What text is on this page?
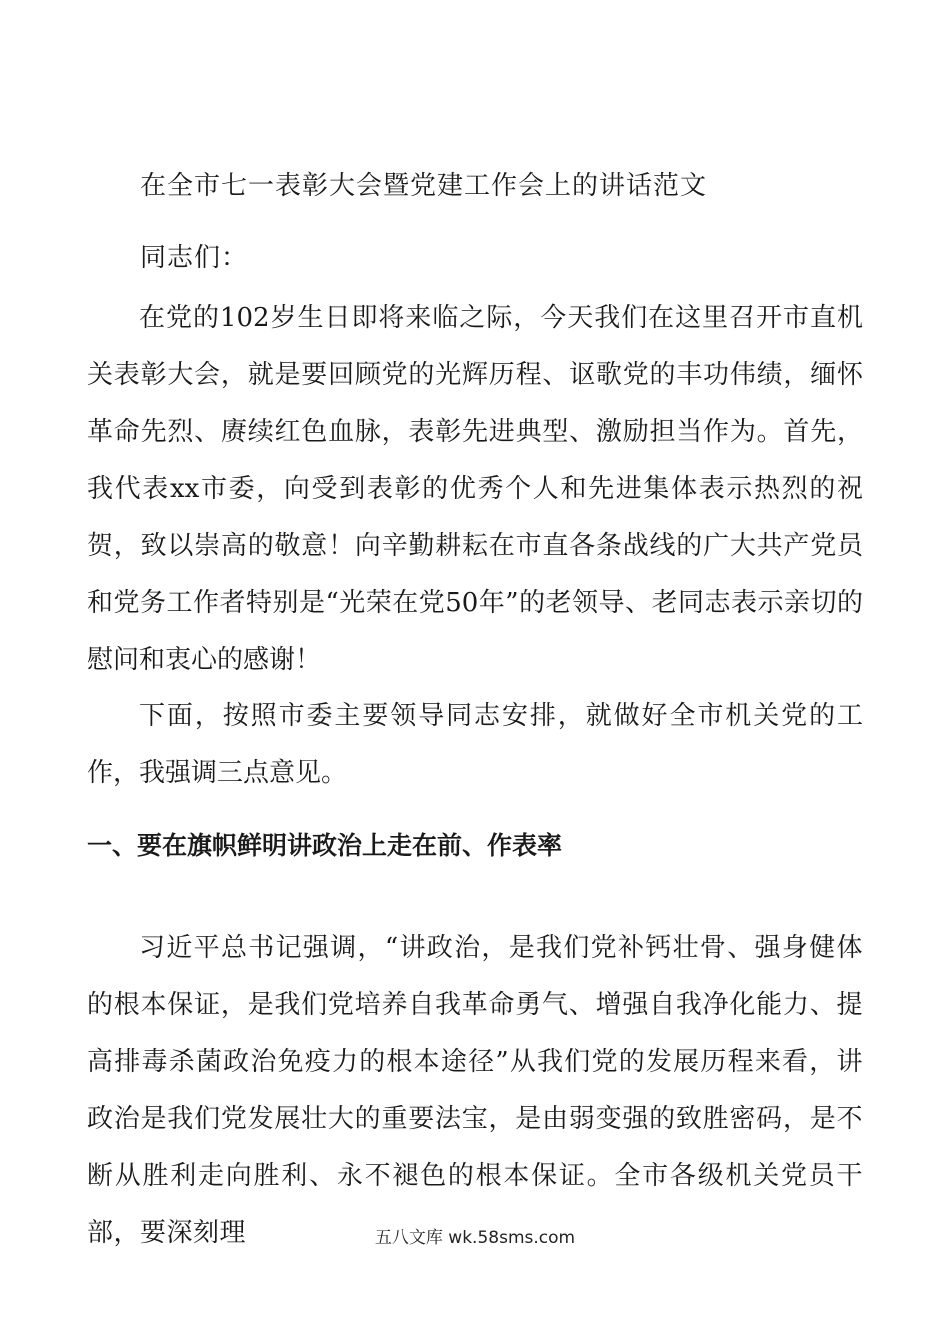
在全市七一表彰大会暨党建工作会上的讲话范文
同志们：

在党的102岁生日即将来临之际，今天我们在这里召开市直机关表彰大会，就是要回顾党的光辉历程、讴歌党的丰功伟绩，缅怀革命先烈、赓续红色血脉，表彰先进典型、激励担当作为。首先，我代表xx市委，向受到表彰的优秀个人和先进集体表示热烈的祝贺，致以崇高的敬意！向辛勤耕耘在市直各条战线的广大共产党员和党务工作者特别是“光荣在党50年”的老领导、老同志表示亲切的慰问和衷心的感谢！

下面，按照市委主要领导同志安排，就做好全市机关党的工作，我强调三点意见。

一、要在旗帜鲜明讲政治上走在前、作表率

习近平总书记强调，“讲政治，是我们党补钙壮骨、强身健体的根本保证，是我们党培养自我革命勇气、增强自我净化能力、提高排毒杀菌政治免疫力的根本途径”从我们党的发展历程来看，讲政治是我们党发展壮大的重要法宝，是由弱变强的致胜密码，是不断从胜利走向胜利、永不褪色的根本保证。全市各级机关党员干部，要深刻理	五八文库 wk.58sms.com
